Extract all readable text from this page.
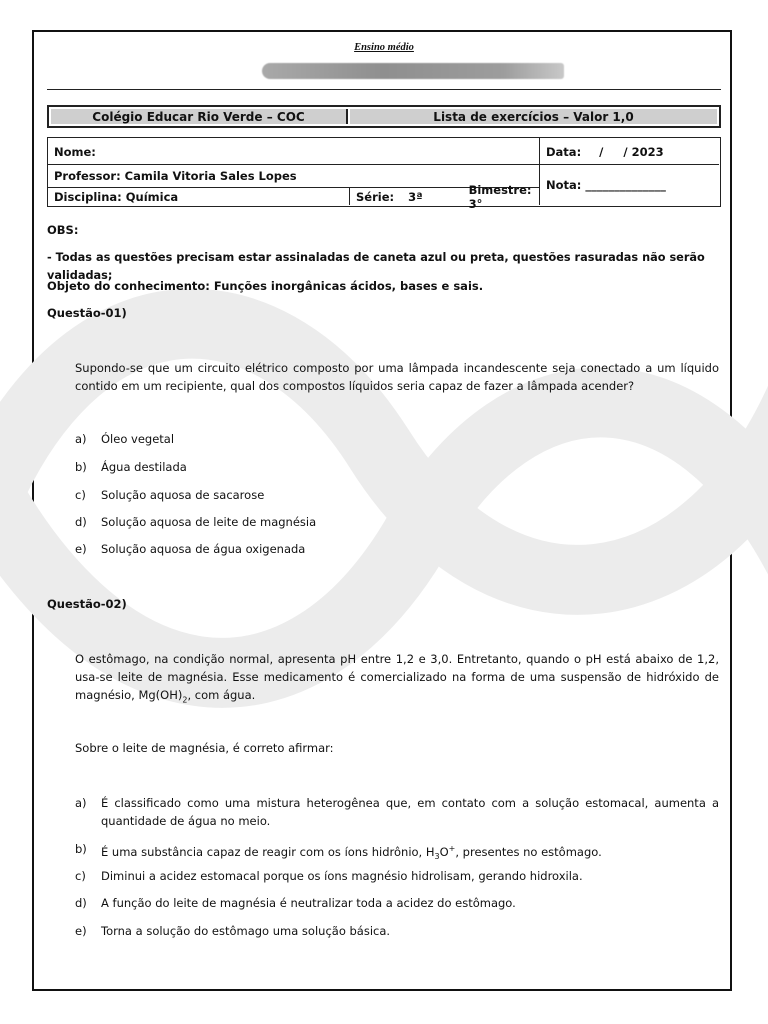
Ensino médio
Colégio Educar Rio Verde – COC	Lista de exercícios – Valor 1,0
Nome:	Data: /     / 2023
Professor: Camila Vitoria Sales Lopes
Disciplina: Química	Série: 3ª	Bimestre: 3°
Nota: ______________
OBS:
- Todas as questões precisam estar assinaladas de caneta azul ou preta, questões rasuradas não serão validadas;
Objeto do conhecimento: Funções inorgânicas ácidos, bases e sais.
Questão-01)
Supondo-se que um circuito elétrico composto por uma lâmpada incandescente seja conectado a um líquido contido em um recipiente, qual dos compostos líquidos seria capaz de fazer a lâmpada acender?
a)	Óleo vegetal
b)	Água destilada
c)	Solução aquosa de sacarose
d)	Solução aquosa de leite de magnésia
e)	Solução aquosa de água oxigenada
Questão-02)
O estômago, na condição normal, apresenta pH entre 1,2 e 3,0. Entretanto, quando o pH está abaixo de 1,2, usa-se leite de magnésia. Esse medicamento é comercializado na forma de uma suspensão de hidróxido de magnésio, $Mg(OH)_2$, com água.
Sobre o leite de magnésia, é correto afirmar:
a)	É classificado como uma mistura heterogênea que, em contato com a solução estomacal, aumenta a quantidade de água no meio.
b)	É uma substância capaz de reagir com os íons hidrônio, $H_3O^+$, presentes no estômago.
c)	Diminui a acidez estomacal porque os íons magnésio hidrolisam, gerando hidroxila.
d)	A função do leite de magnésia é neutralizar toda a acidez do estômago.
e)	Torna a solução do estômago uma solução básica.
